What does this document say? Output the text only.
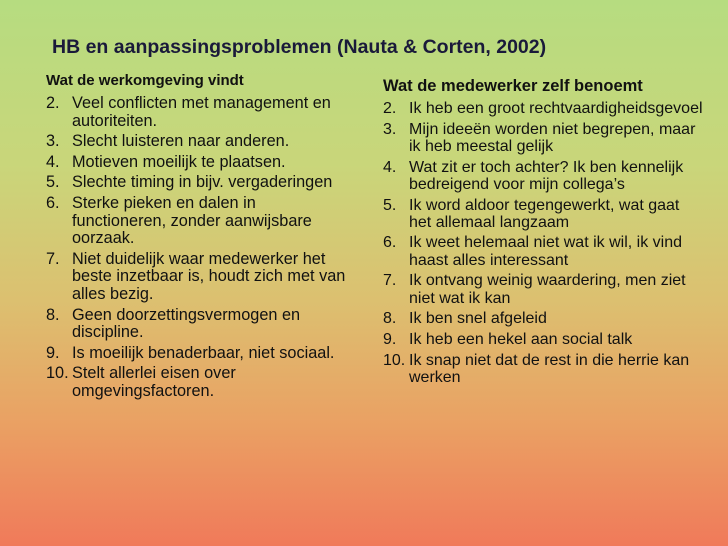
HB en aanpassingsproblemen (Nauta & Corten, 2002)
Wat de werkomgeving vindt
2. Veel conflicten met management en autoriteiten.
3. Slecht luisteren naar anderen.
4. Motieven moeilijk te plaatsen.
5. Slechte timing in bijv. vergaderingen
6. Sterke pieken en dalen in functioneren, zonder aanwijsbare oorzaak.
7. Niet duidelijk waar medewerker het beste inzetbaar is, houdt zich met van alles bezig.
8. Geen doorzettingsvermogen en discipline.
9. Is moeilijk benaderbaar, niet sociaal.
10. Stelt allerlei eisen over omgevingsfactoren.
Wat de medewerker zelf benoemt
2. Ik heb een groot rechtvaardigheidsgevoel
3. Mijn ideeën worden niet begrepen, maar ik heb meestal gelijk
4. Wat zit er toch achter? Ik ben kennelijk bedreigend voor mijn collega’s
5. Ik word aldoor tegengewerkt, wat gaat het allemaal langzaam
6. Ik weet helemaal niet wat ik wil, ik vind haast alles interessant
7. Ik ontvang weinig waardering, men ziet niet wat ik kan
8. Ik ben snel afgeleid
9. Ik heb een hekel aan social talk
10. Ik snap niet dat de rest in die herrie kan werken
